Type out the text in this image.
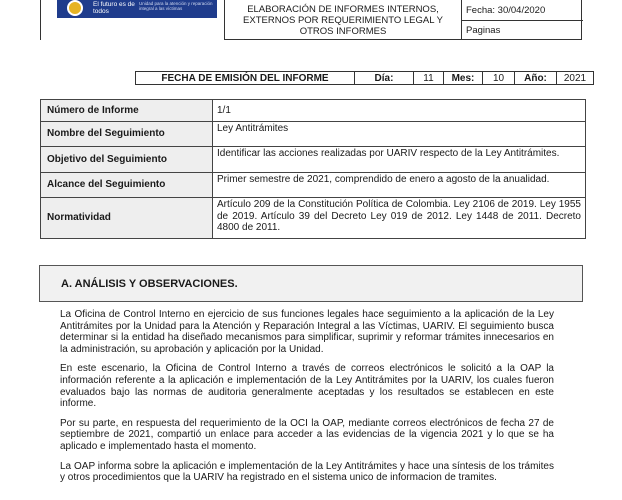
El futuro es de todos
Unidad para la atención y reparación integral a las víctimas	ELABORACIÓN DE INFORMES INTERNOS, EXTERNOS POR REQUERIMIENTO LEGAL Y OTROS INFORMES
Fecha: 30/04/2020
Paginas
FECHA DE EMISIÓN DEL INFORME	Día:	11	Mes:	10	Año:	2021
Número de Informe	1/1
Nombre del Seguimiento	Ley Antitrámites
Objetivo del Seguimiento	Identificar las acciones realizadas por UARIV respecto de la Ley Antitrámites.
Alcance del Seguimiento	Primer semestre de 2021, comprendido de enero a agosto de la anualidad.
Normatividad	Artículo 209 de la Constitución Política de Colombia. Ley 2106 de 2019. Ley 1955 de 2019. Artículo 39 del Decreto Ley 019 de 2012. Ley 1448 de 2011. Decreto 4800 de 2011.
A. ANÁLISIS Y OBSERVACIONES.

La Oficina de Control Interno en ejercicio de sus funciones legales hace seguimiento a la aplicación de la Ley Antitrámites por la Unidad para la Atención y Reparación Integral a las Víctimas, UARIV. El seguimiento busca determinar si la entidad ha diseñado mecanismos para simplificar, suprimir y reformar trámites innecesarios en la administración, su aprobación y aplicación por la Unidad.

En este escenario, la Oficina de Control Interno a través de correos electrónicos le solicitó a la OAP la información referente a la aplicación e implementación de la Ley Antitrámites por la UARIV, los cuales fueron evaluados bajo las normas de auditoria generalmente aceptadas y los resultados se establecen en este informe.

Por su parte, en respuesta del requerimiento de la OCI la OAP, mediante correos electrónicos de fecha 27 de septiembre de 2021, compartió un enlace para acceder a las evidencias de la vigencia 2021 y lo que se ha aplicado e implementado hasta el momento.

La OAP informa sobre la aplicación e implementación de la Ley Antitrámites y hace una síntesis de los trámites y otros procedimientos que la UARIV ha registrado en el sistema unico de informacion de tramites.
